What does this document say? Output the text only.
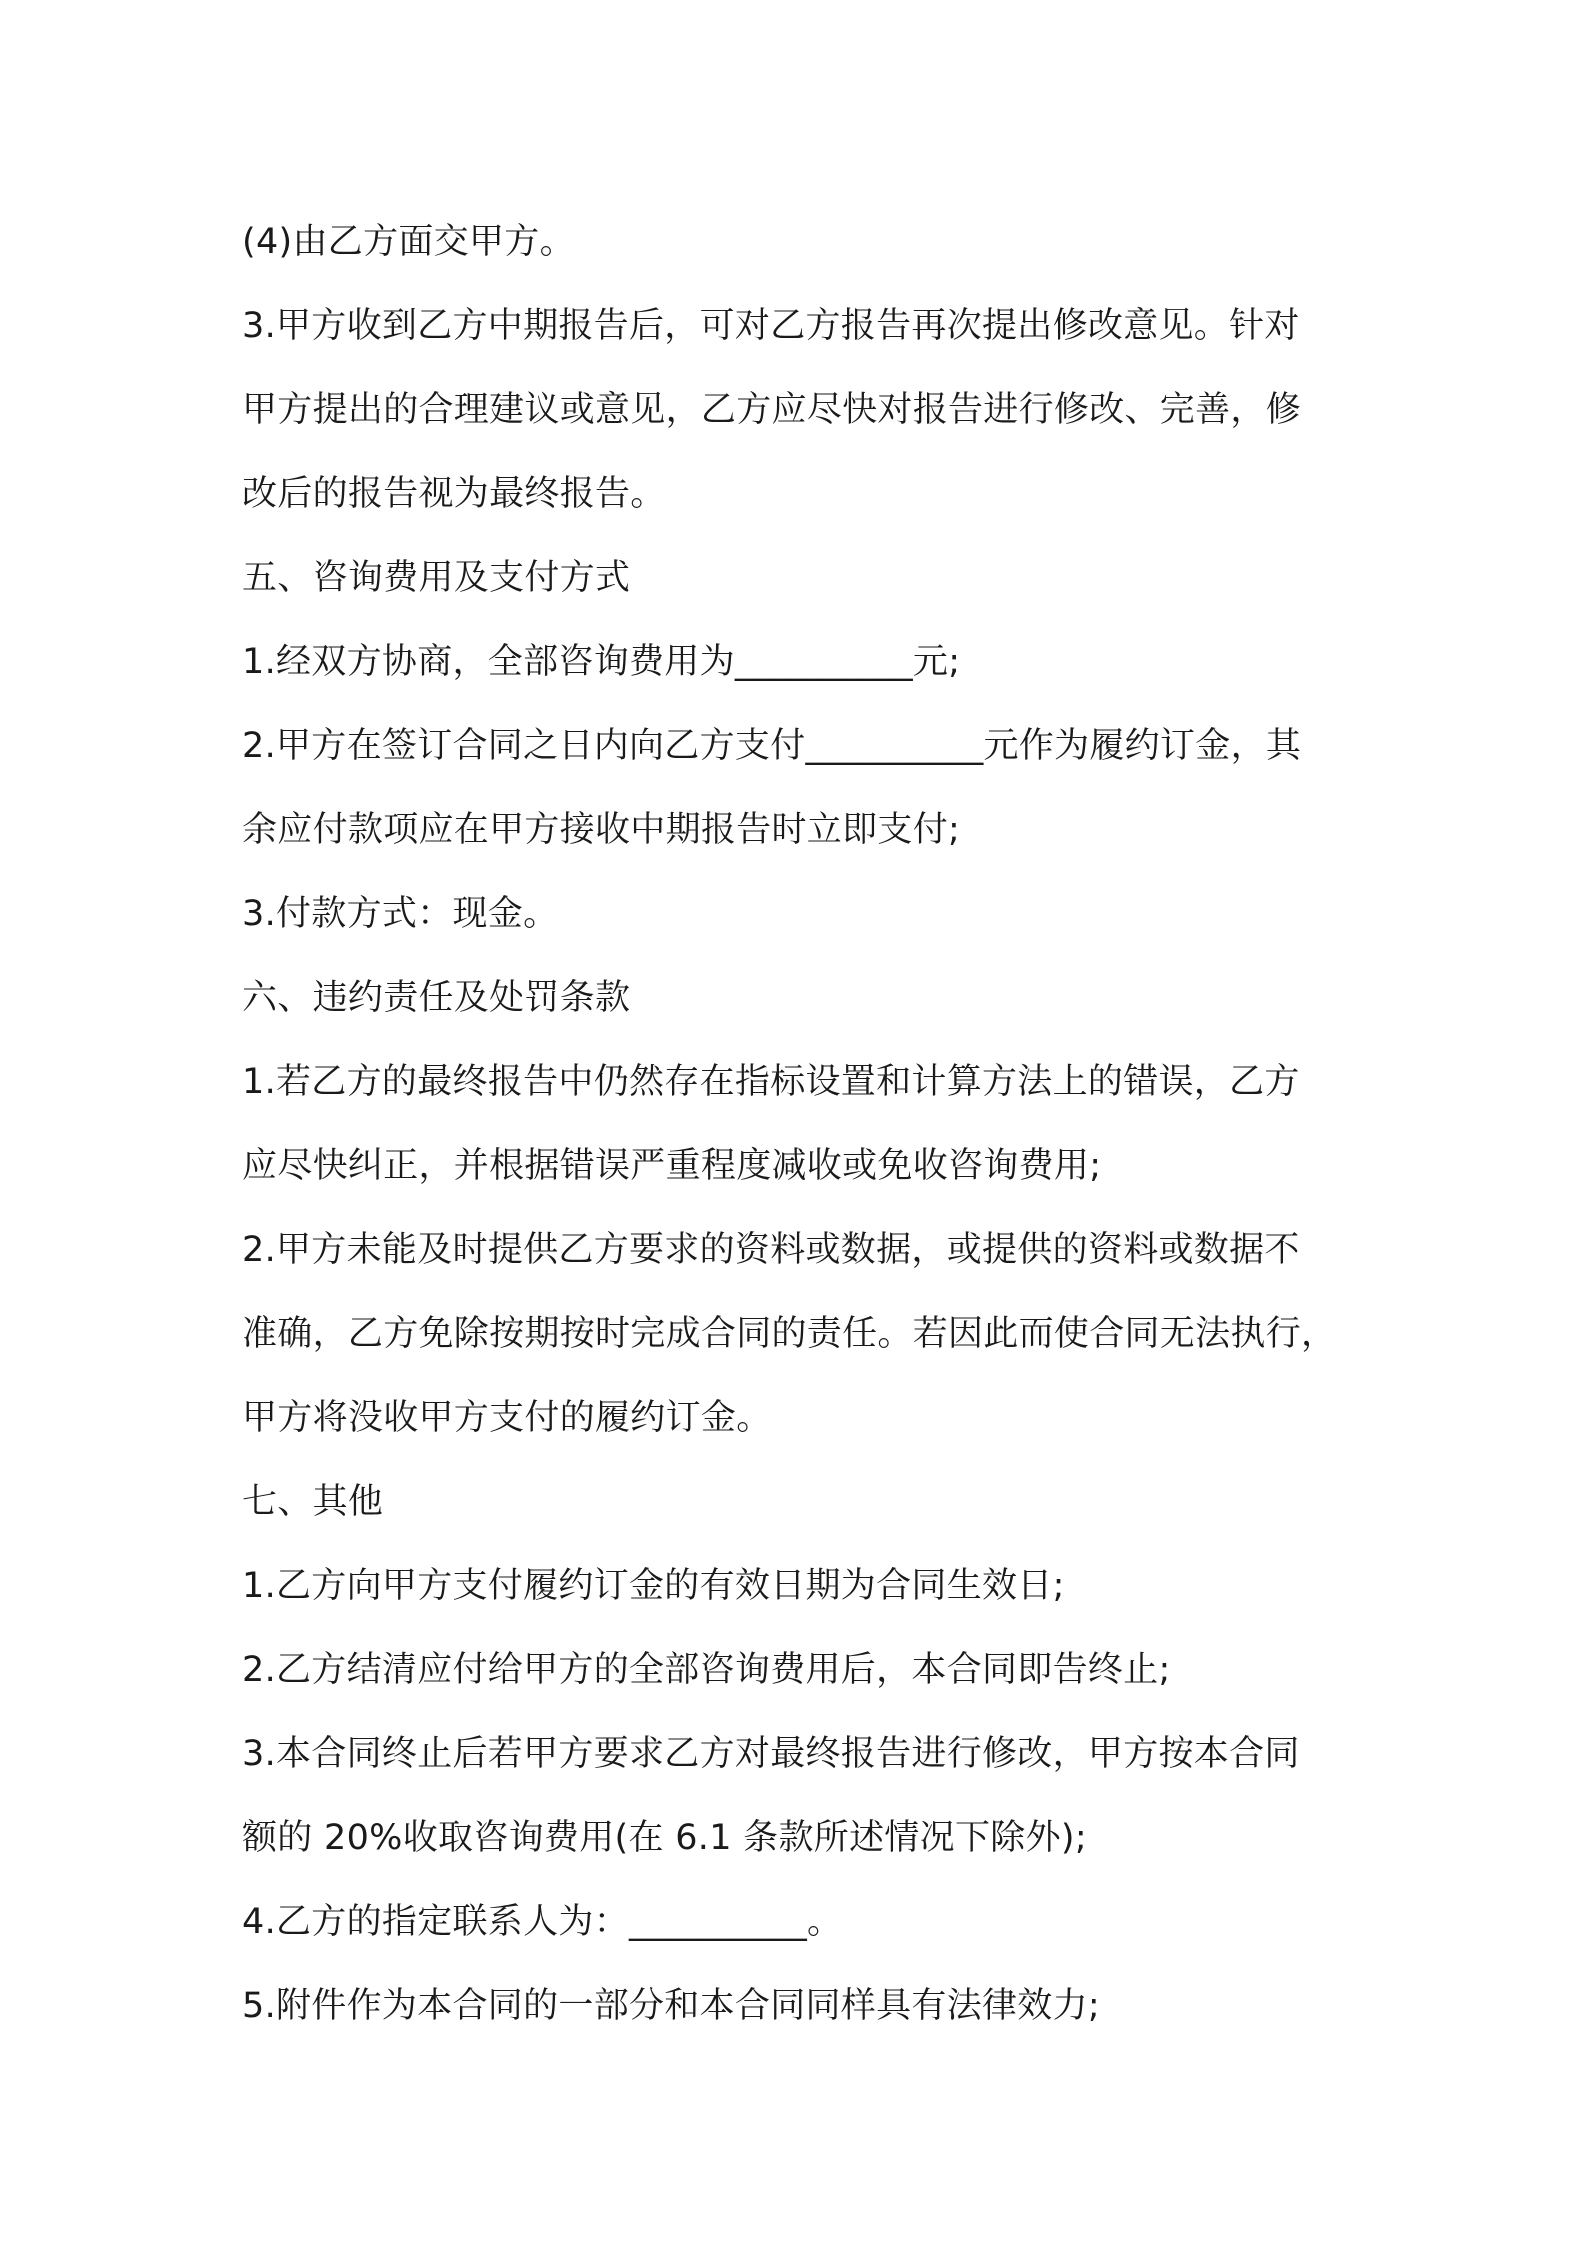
(4)由乙方面交甲方。
3.甲方收到乙方中期报告后，可对乙方报告再次提出修改意见。针对
甲方提出的合理建议或意见，乙方应尽快对报告进行修改、完善，修
改后的报告视为最终报告。
五、咨询费用及支付方式
1.经双方协商，全部咨询费用为__________元;
2.甲方在签订合同之日内向乙方支付__________元作为履约订金，其
余应付款项应在甲方接收中期报告时立即支付;
3.付款方式：现金。
六、违约责任及处罚条款
1.若乙方的最终报告中仍然存在指标设置和计算方法上的错误，乙方
应尽快纠正，并根据错误严重程度减收或免收咨询费用;
2.甲方未能及时提供乙方要求的资料或数据，或提供的资料或数据不
准确，乙方免除按期按时完成合同的责任。若因此而使合同无法执行，
甲方将没收甲方支付的履约订金。
七、其他
1.乙方向甲方支付履约订金的有效日期为合同生效日;
2.乙方结清应付给甲方的全部咨询费用后，本合同即告终止;
3.本合同终止后若甲方要求乙方对最终报告进行修改，甲方按本合同
额的 20%收取咨询费用(在 6.1 条款所述情况下除外);
4.乙方的指定联系人为：__________。
5.附件作为本合同的一部分和本合同同样具有法律效力;
